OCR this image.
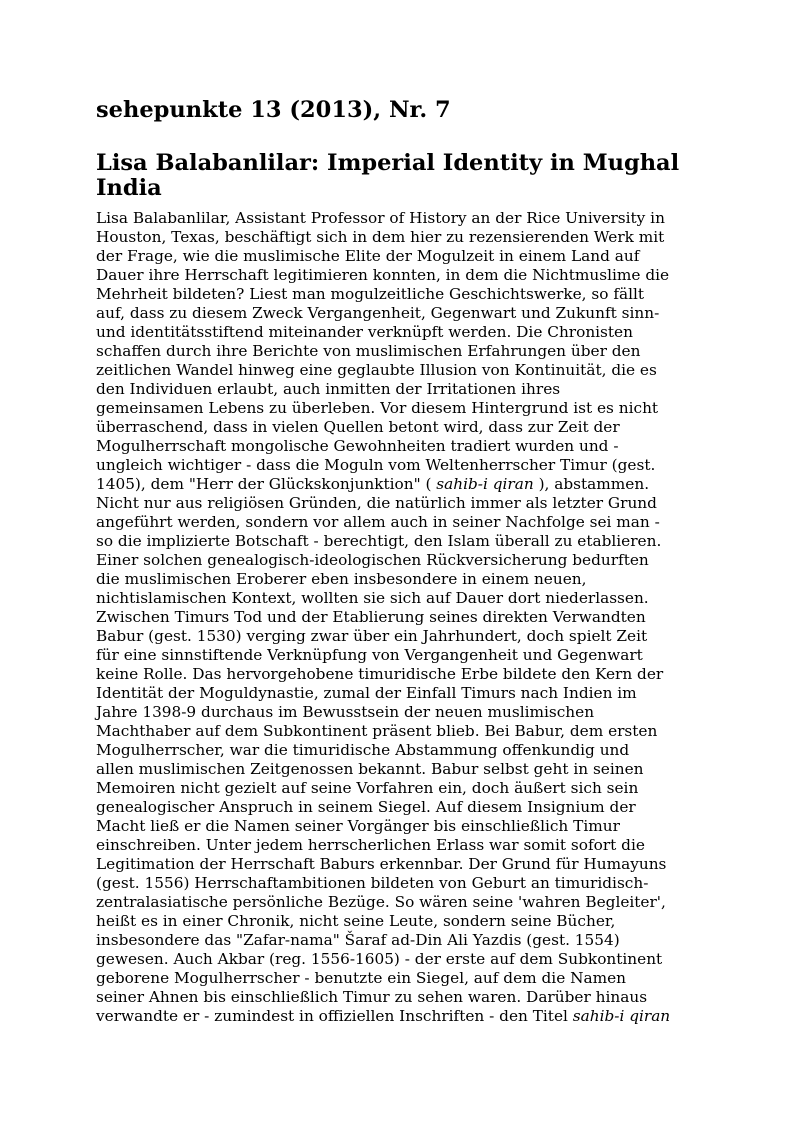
sehepunkte 13 (2013), Nr. 7
Lisa Balabanlilar: Imperial Identity in Mughal
India
Lisa Balabanlilar, Assistant Professor of History an der Rice University in
Houston, Texas, beschäftigt sich in dem hier zu rezensierenden Werk mit
der Frage, wie die muslimische Elite der Mogulzeit in einem Land auf
Dauer ihre Herrschaft legitimieren konnten, in dem die Nichtmuslime die
Mehrheit bildeten? Liest man mogulzeitliche Geschichtswerke, so fällt
auf, dass zu diesem Zweck Vergangenheit, Gegenwart und Zukunft sinn-
und identitätsstiftend miteinander verknüpft werden. Die Chronisten
schaffen durch ihre Berichte von muslimischen Erfahrungen über den
zeitlichen Wandel hinweg eine geglaubte Illusion von Kontinuität, die es
den Individuen erlaubt, auch inmitten der Irritationen ihres
gemeinsamen Lebens zu überleben. Vor diesem Hintergrund ist es nicht
überraschend, dass in vielen Quellen betont wird, dass zur Zeit der
Mogulherrschaft mongolische Gewohnheiten tradiert wurden und -
ungleich wichtiger - dass die Moguln vom Weltenherrscher Timur (gest.
1405), dem "Herr der Glückskonjunktion" ( sahib-i qiran ), abstammen.
Nicht nur aus religiösen Gründen, die natürlich immer als letzter Grund
angeführt werden, sondern vor allem auch in seiner Nachfolge sei man -
so die implizierte Botschaft - berechtigt, den Islam überall zu etablieren.
Einer solchen genealogisch-ideologischen Rückversicherung bedurften
die muslimischen Eroberer eben insbesondere in einem neuen,
nichtislamischen Kontext, wollten sie sich auf Dauer dort niederlassen.
Zwischen Timurs Tod und der Etablierung seines direkten Verwandten
Babur (gest. 1530) verging zwar über ein Jahrhundert, doch spielt Zeit
für eine sinnstiftende Verknüpfung von Vergangenheit und Gegenwart
keine Rolle. Das hervorgehobene timuridische Erbe bildete den Kern der
Identität der Moguldynastie, zumal der Einfall Timurs nach Indien im
Jahre 1398-9 durchaus im Bewusstsein der neuen muslimischen
Machthaber auf dem Subkontinent präsent blieb. Bei Babur, dem ersten
Mogulherrscher, war die timuridische Abstammung offenkundig und
allen muslimischen Zeitgenossen bekannt. Babur selbst geht in seinen
Memoiren nicht gezielt auf seine Vorfahren ein, doch äußert sich sein
genealogischer Anspruch in seinem Siegel. Auf diesem Insignium der
Macht ließ er die Namen seiner Vorgänger bis einschließlich Timur
einschreiben. Unter jedem herrscherlichen Erlass war somit sofort die
Legitimation der Herrschaft Baburs erkennbar. Der Grund für Humayuns
(gest. 1556) Herrschaftambitionen bildeten von Geburt an timuridisch-
zentralasiatische persönliche Bezüge. So wären seine 'wahren Begleiter',
heißt es in einer Chronik, nicht seine Leute, sondern seine Bücher,
insbesondere das "Zafar-nama" Šaraf ad-Din Ali Yazdis (gest. 1554)
gewesen. Auch Akbar (reg. 1556-1605) - der erste auf dem Subkontinent
geborene Mogulherrscher - benutzte ein Siegel, auf dem die Namen
seiner Ahnen bis einschließlich Timur zu sehen waren. Darüber hinaus
verwandte er - zumindest in offiziellen Inschriften - den Titel sahib-i qiran
